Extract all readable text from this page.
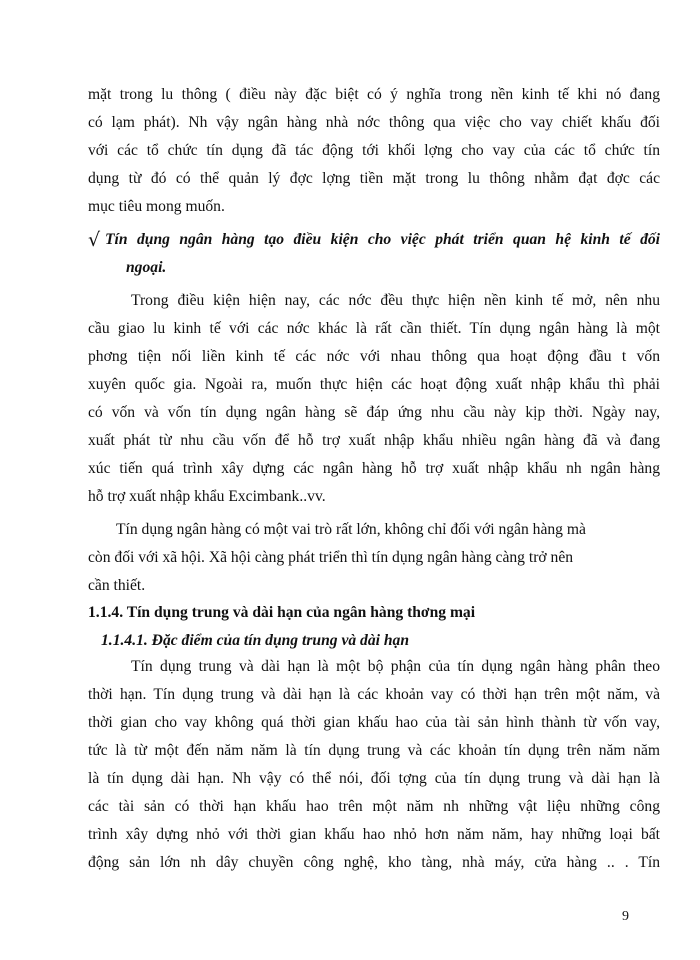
mặt trong lu thông ( điều này đặc biệt có ý nghĩa trong nền kinh tế khi nó đang
có lạm phát). Nh vậy ngân hàng nhà nớc thông qua việc cho vay chiết khấu đối
với các tổ chức tín dụng đã tác động tới khối lợng cho vay của các tổ chức tín
dụng từ đó có thể quản lý đợc lợng tiền mặt trong lu thông nhằm đạt đợc các
mục tiêu mong muốn.
√ Tín dụng ngân hàng tạo điều kiện cho việc phát triển quan hệ kinh tế đối
ngoại.
Trong điều kiện hiện nay, các nớc đều thực hiện nền kinh tế mở, nên nhu
cầu giao lu kinh tế với các nớc khác là rất cần thiết. Tín dụng ngân hàng là một
phơng tiện nối liền kinh tế các nớc với nhau thông qua hoạt động đầu t vốn
xuyên quốc gia. Ngoài ra, muốn thực hiện các hoạt động xuất nhập khẩu thì phải
có vốn và vốn tín dụng ngân hàng sẽ đáp ứng nhu cầu này kịp thời. Ngày nay,
xuất phát từ nhu cầu vốn để hỗ trợ xuất nhập khẩu nhiều ngân hàng đã và đang
xúc tiến quá trình xây dựng các ngân hàng hỗ trợ xuất nhập khẩu nh ngân hàng
hỗ trợ xuất nhập khẩu Excimbank..vv.
Tín dụng ngân hàng có một vai trò rất lớn, không chỉ đối với ngân hàng mà
còn đối với xã hội. Xã hội càng phát triển thì tín dụng ngân hàng càng trở nên
cần thiết.
1.1.4. Tín dụng trung và dài hạn của ngân hàng thơng mại
1.1.4.1. Đặc điểm của tín dụng trung và dài hạn
Tín dụng trung và dài hạn là một bộ phận của tín dụng ngân hàng phân theo
thời hạn. Tín dụng trung và dài hạn là các khoản vay có thời hạn trên một năm, và
thời gian cho vay không quá thời gian khấu hao của tài sản hình thành từ vốn vay,
tức là từ một đến năm năm là tín dụng trung và các khoản tín dụng trên năm năm
là tín dụng dài hạn. Nh vậy có thể nói, đối tợng của tín dụng trung và dài hạn là
các tài sản có thời hạn khấu hao trên một năm nh những vật liệu những công
trình xây dựng nhỏ với thời gian khấu hao nhỏ hơn năm năm, hay những loại bất
động sản lớn nh dây chuyền công nghệ, kho tàng, nhà máy, cửa hàng .. . Tín
9
